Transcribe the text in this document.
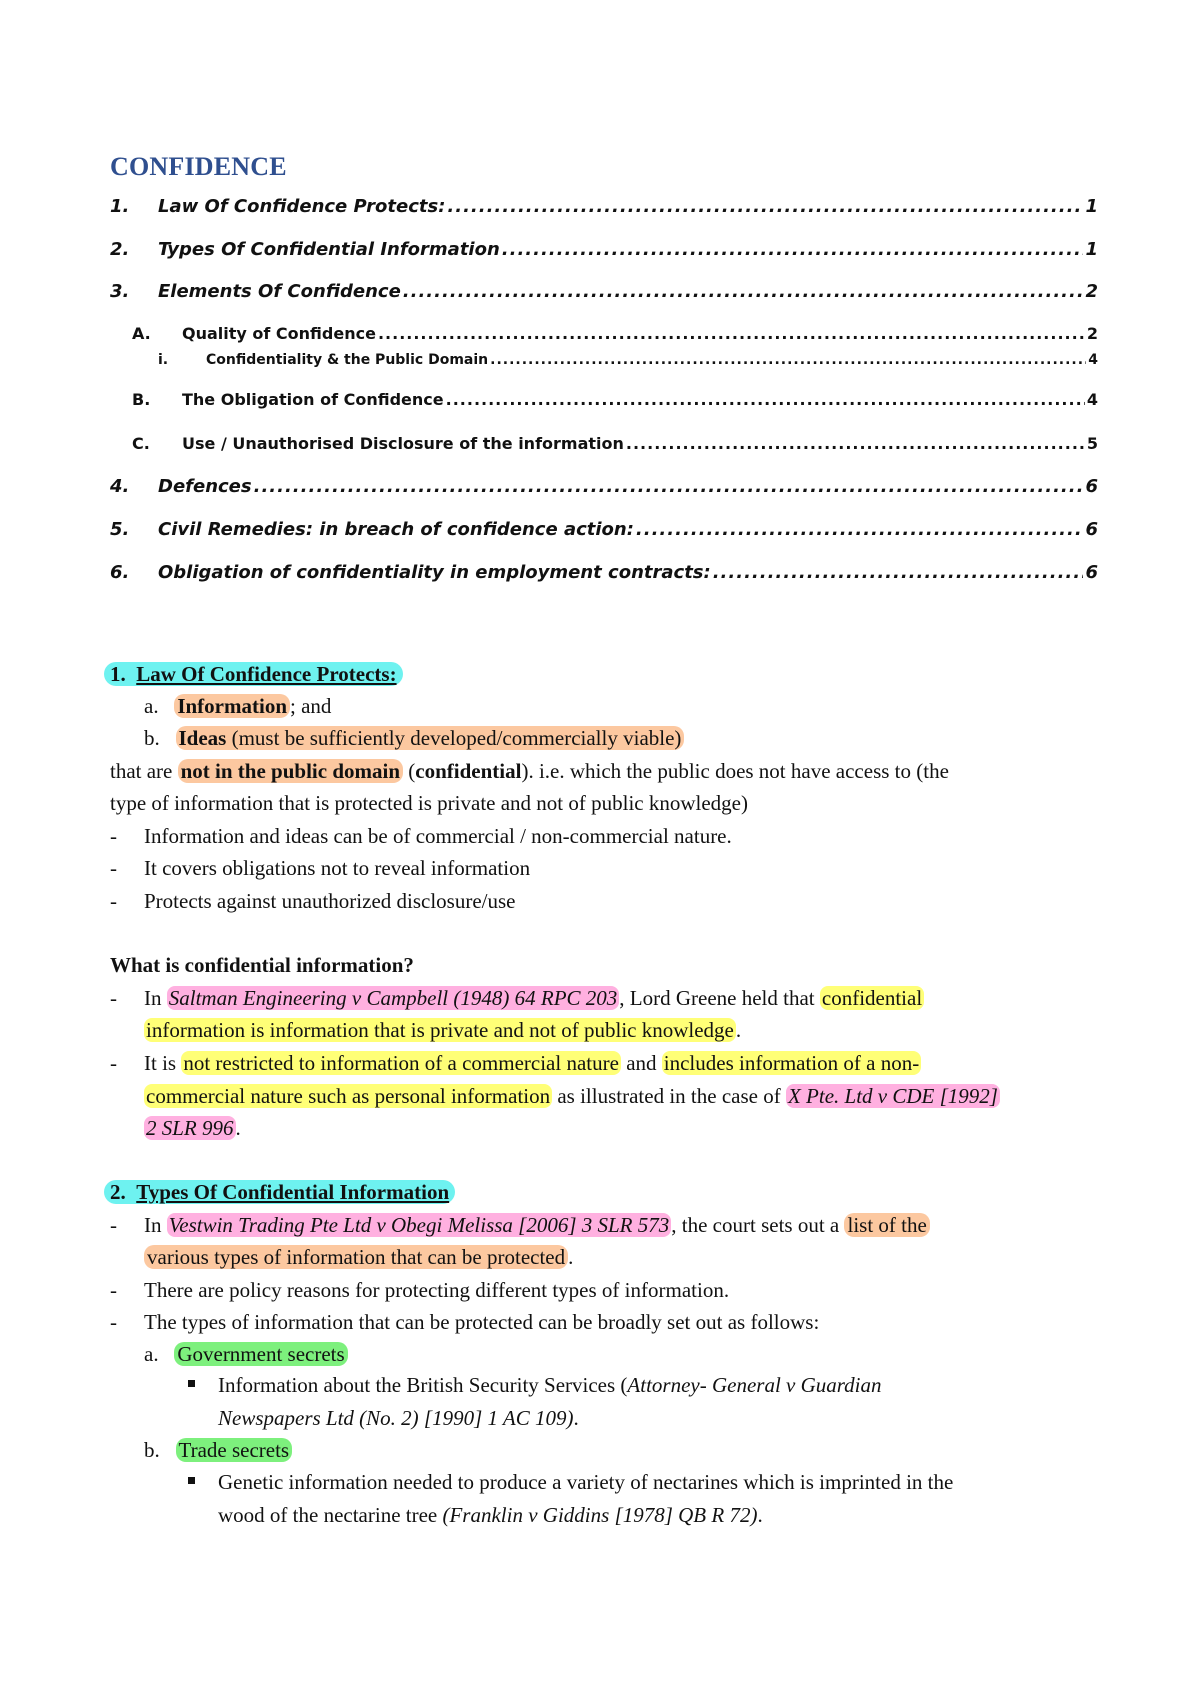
CONFIDENCE
1.	Law Of Confidence Protects: .....	1
2.	Types Of Confidential Information .....	1
3.	Elements Of Confidence .....	2
A.	Quality of Confidence .....	2
i.	Confidentiality & the Public Domain .....	4
B.	The Obligation of Confidence .....	4
C.	Use / Unauthorised Disclosure of the information .....	5
4.	Defences .....	6
5.	Civil Remedies: in breach of confidence action: .....	6
6.	Obligation of confidentiality in employment contracts: .....	6
1. Law Of Confidence Protects:
a. Information ; and
b. Ideas (must be sufficiently developed/commercially viable)
that are not in the public domain (confidential). i.e. which the public does not have access to (the
type of information that is protected is private and not of public knowledge)
- Information and ideas can be of commercial / non-commercial nature.
- It covers obligations not to reveal information
- Protects against unauthorized disclosure/use
What is confidential information?
- In Saltman Engineering v Campbell (1948) 64 RPC 203, Lord Greene held that confidential
information is information that is private and not of public knowledge.
- It is not restricted to information of a commercial nature and includes information of a non-
commercial nature such as personal information as illustrated in the case of X Pte. Ltd v CDE [1992]
2 SLR 996.
2. Types Of Confidential Information
- In Vestwin Trading Pte Ltd v Obegi Melissa [2006] 3 SLR 573, the court sets out a list of the
various types of information that can be protected .
- There are policy reasons for protecting different types of information.
- The types of information that can be protected can be broadly set out as follows:
a. Government secrets
Information about the British Security Services (Attorney- General v Guardian
Newspapers Ltd (No. 2) [1990] 1 AC 109).
b. Trade secrets
Genetic information needed to produce a variety of nectarines which is imprinted in the
wood of the nectarine tree (Franklin v Giddins [1978] QB R 72).
